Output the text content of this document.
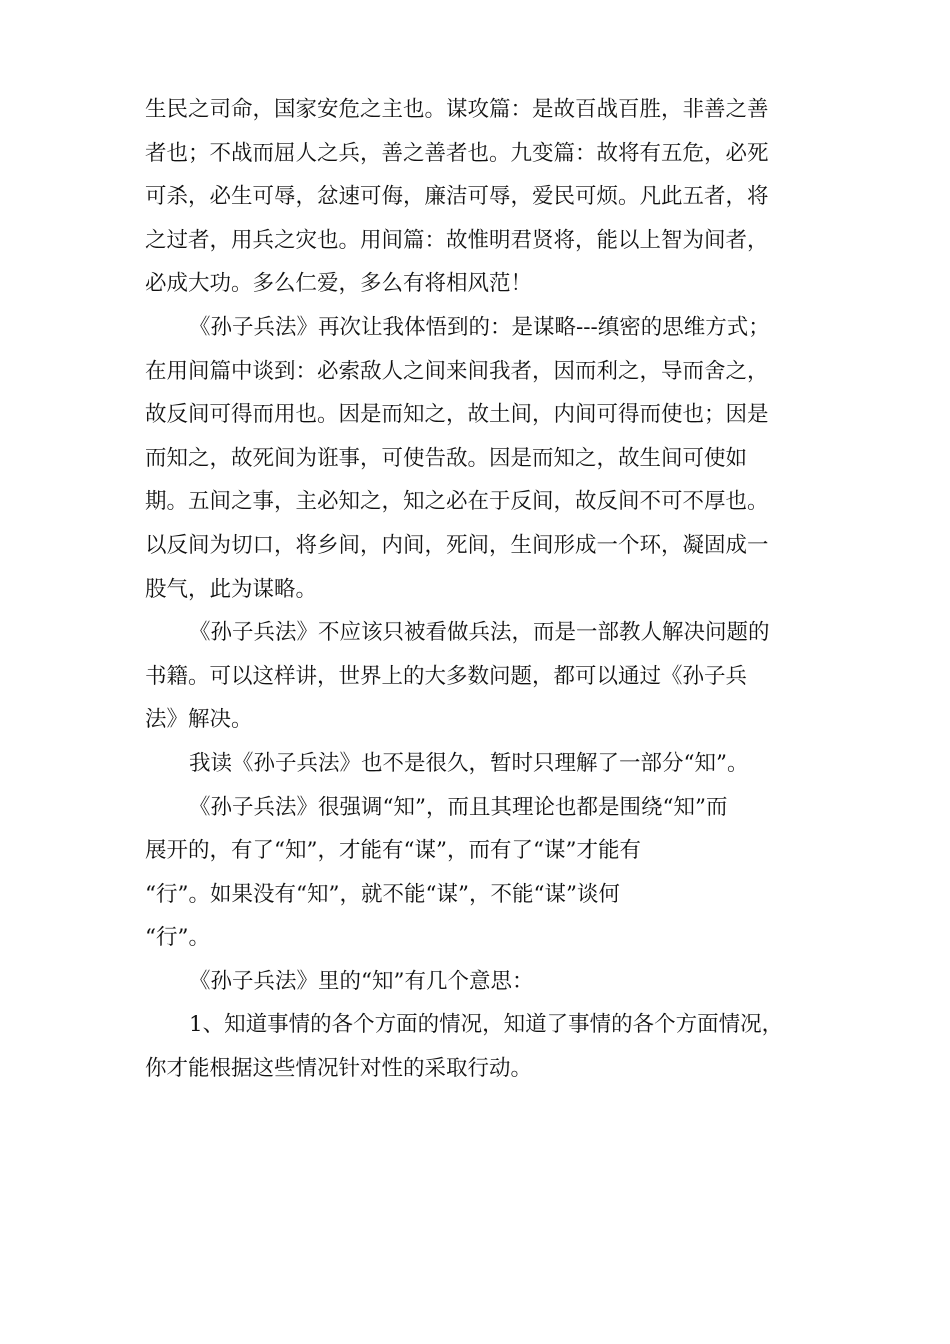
生民之司命，国家安危之主也。谋攻篇：是故百战百胜，非善之善
者也；不战而屈人之兵，善之善者也。九变篇：故将有五危，必死
可杀，必生可辱，忿速可侮，廉洁可辱，爱民可烦。凡此五者，将
之过者，用兵之灾也。用间篇：故惟明君贤将，能以上智为间者，
必成大功。多么仁爱，多么有将相风范！
《孙子兵法》再次让我体悟到的：是谋略---缜密的思维方式；
在用间篇中谈到：必索敌人之间来间我者，因而利之，导而舍之，
故反间可得而用也。因是而知之，故土间，内间可得而使也；因是
而知之，故死间为诳事，可使告敌。因是而知之，故生间可使如
期。五间之事，主必知之，知之必在于反间，故反间不可不厚也。
以反间为切口，将乡间，内间，死间，生间形成一个环，凝固成一
股气，此为谋略。
《孙子兵法》不应该只被看做兵法，而是一部教人解决问题的
书籍。可以这样讲，世界上的大多数问题，都可以通过《孙子兵
法》解决。
我读《孙子兵法》也不是很久，暂时只理解了一部分“知”。
《孙子兵法》很强调“知”，而且其理论也都是围绕“知”而
展开的，有了“知”，才能有“谋”，而有了“谋”才能有
“行”。如果没有“知”，就不能“谋”，不能“谋”谈何
“行”。
《孙子兵法》里的“知”有几个意思：
1、知道事情的各个方面的情况，知道了事情的各个方面情况，
你才能根据这些情况针对性的采取行动。
